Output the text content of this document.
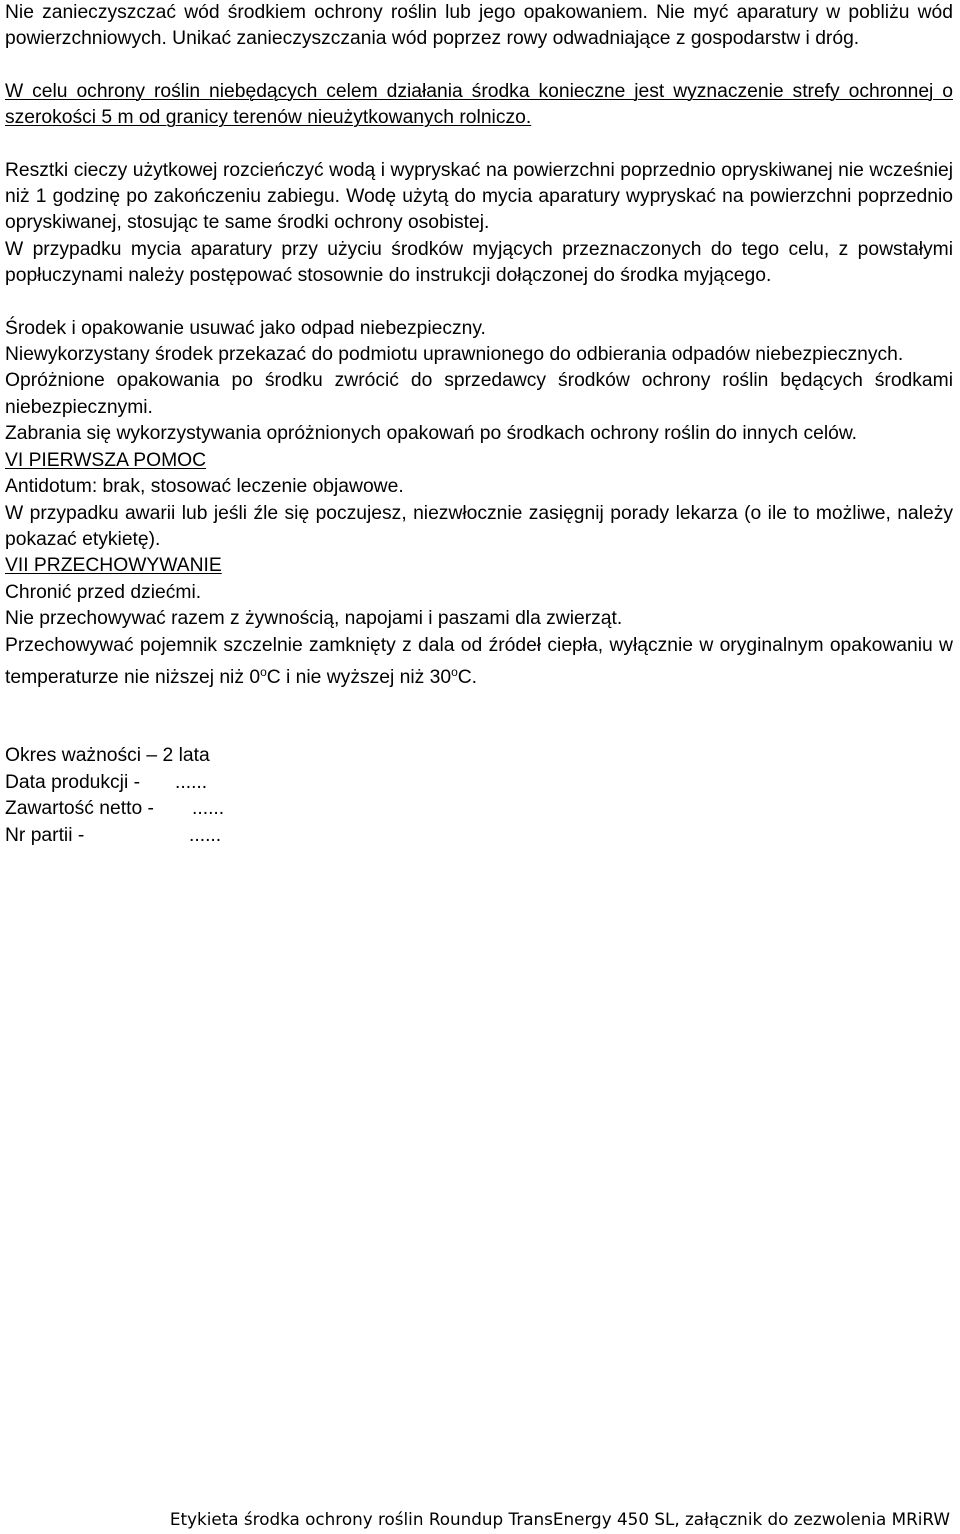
Nie zanieczyszczać wód środkiem ochrony roślin lub jego opakowaniem. Nie myć aparatury w pobliżu wód powierzchniowych. Unikać zanieczyszczania wód poprzez rowy odwadniające z gospodarstw i dróg.

W celu ochrony roślin niebędących celem działania środka konieczne jest wyznaczenie strefy ochronnej o szerokości 5 m od granicy terenów nieużytkowanych rolniczo.

Resztki cieczy użytkowej rozcieńczyć wodą i wypryskać na powierzchni poprzednio opryskiwanej nie wcześniej niż 1 godzinę po zakończeniu zabiegu. Wodę użytą do mycia aparatury wypryskać na powierzchni poprzednio opryskiwanej, stosując te same środki ochrony osobistej.

W przypadku mycia aparatury przy użyciu środków myjących przeznaczonych do tego celu, z powstałymi popłuczynami należy postępować stosownie do instrukcji dołączonej do środka myjącego.

Środek i opakowanie usuwać jako odpad niebezpieczny.

Niewykorzystany środek przekazać do podmiotu uprawnionego do odbierania odpadów niebezpiecznych.

Opróżnione opakowania po środku zwrócić do sprzedawcy środków ochrony roślin będących środkami niebezpiecznymi.

Zabrania się wykorzystywania opróżnionych opakowań po środkach ochrony roślin do innych celów.

VI PIERWSZA POMOC

Antidotum: brak, stosować leczenie objawowe.

W przypadku awarii lub jeśli źle się poczujesz, niezwłocznie zasięgnij porady lekarza (o ile to możliwe, należy pokazać etykietę).

VII PRZECHOWYWANIE

Chronić przed dziećmi.

Nie przechowywać razem z żywnością, napojami i paszami dla zwierząt.

Przechowywać pojemnik szczelnie zamknięty z dala od źródeł ciepła, wyłącznie w oryginalnym opakowaniu w temperaturze nie niższej niż 0$^o$C i nie wyższej niż 30$^o$C.

Okres ważności – 2 lata
Data produkcji -	......
Zawartość netto -	......
Nr partii -	......
Etykieta środka ochrony roślin Roundup TransEnergy 450 SL, załącznik do zezwolenia MRiRW
